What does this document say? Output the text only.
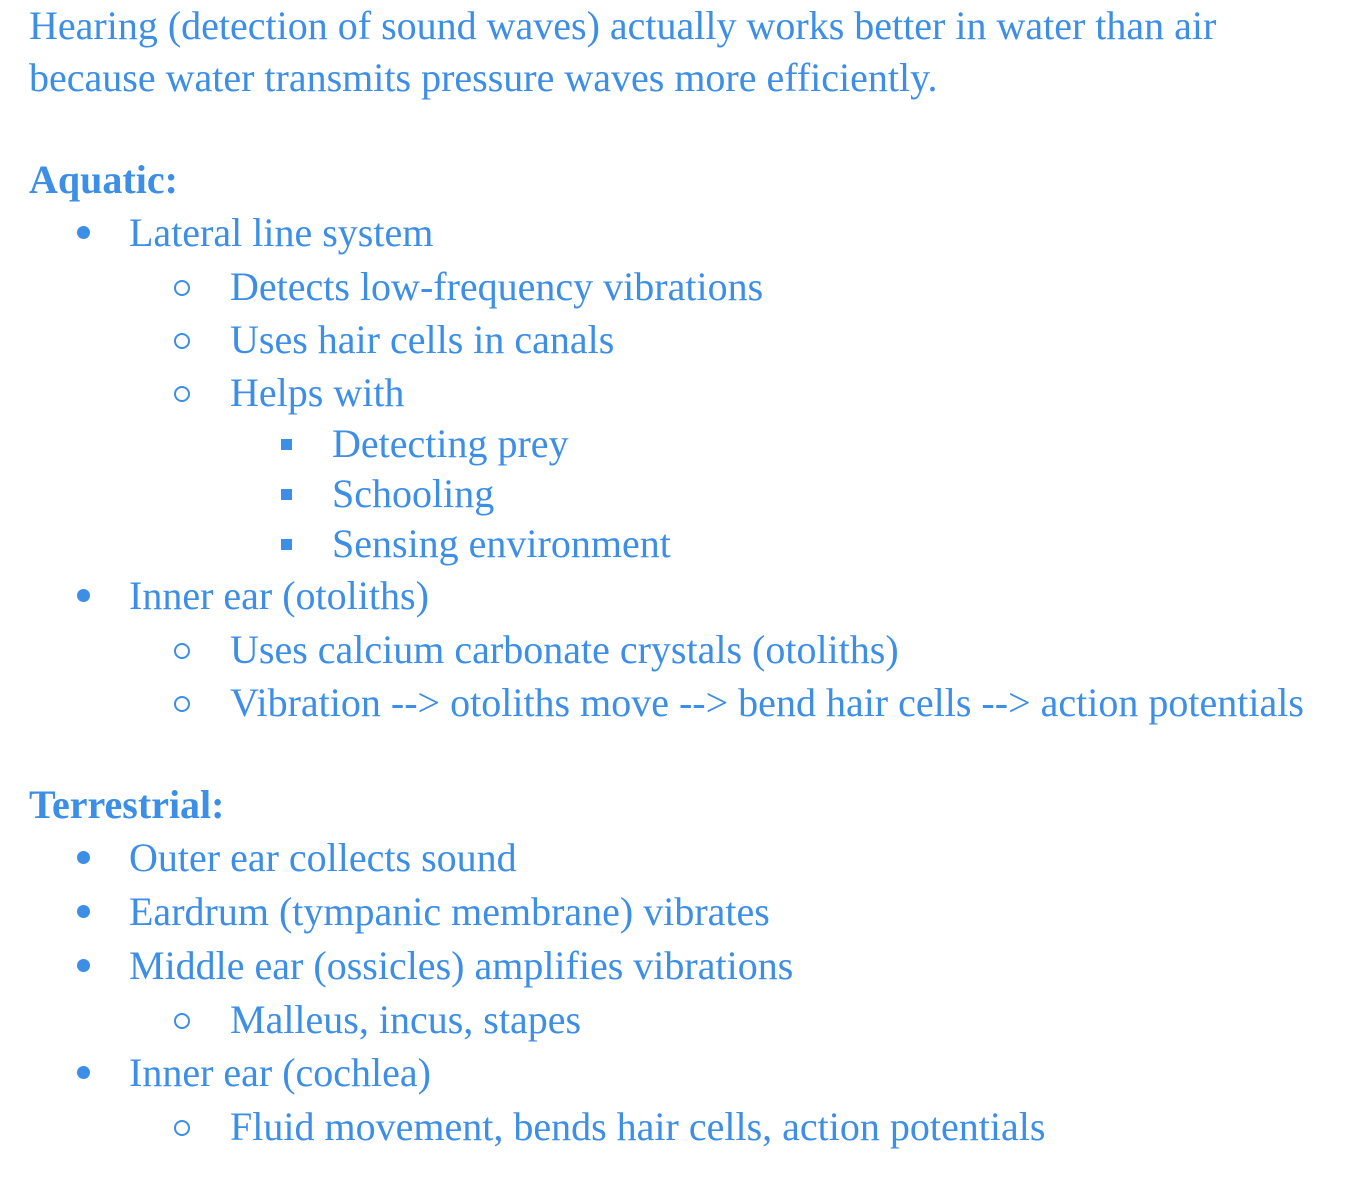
Hearing (detection of sound waves) actually works better in water than air because water transmits pressure waves more efficiently.

Aquatic:

Lateral line system
Detects low-frequency vibrations
Uses hair cells in canals
Helps with
Detecting prey
Schooling
Sensing environment
Inner ear (otoliths)
Uses calcium carbonate crystals (otoliths)
Vibration --> otoliths move --> bend hair cells --> action potentials

Terrestrial:

Outer ear collects sound
Eardrum (tympanic membrane) vibrates
Middle ear (ossicles) amplifies vibrations
Malleus, incus, stapes
Inner ear (cochlea)
Fluid movement, bends hair cells, action potentials
